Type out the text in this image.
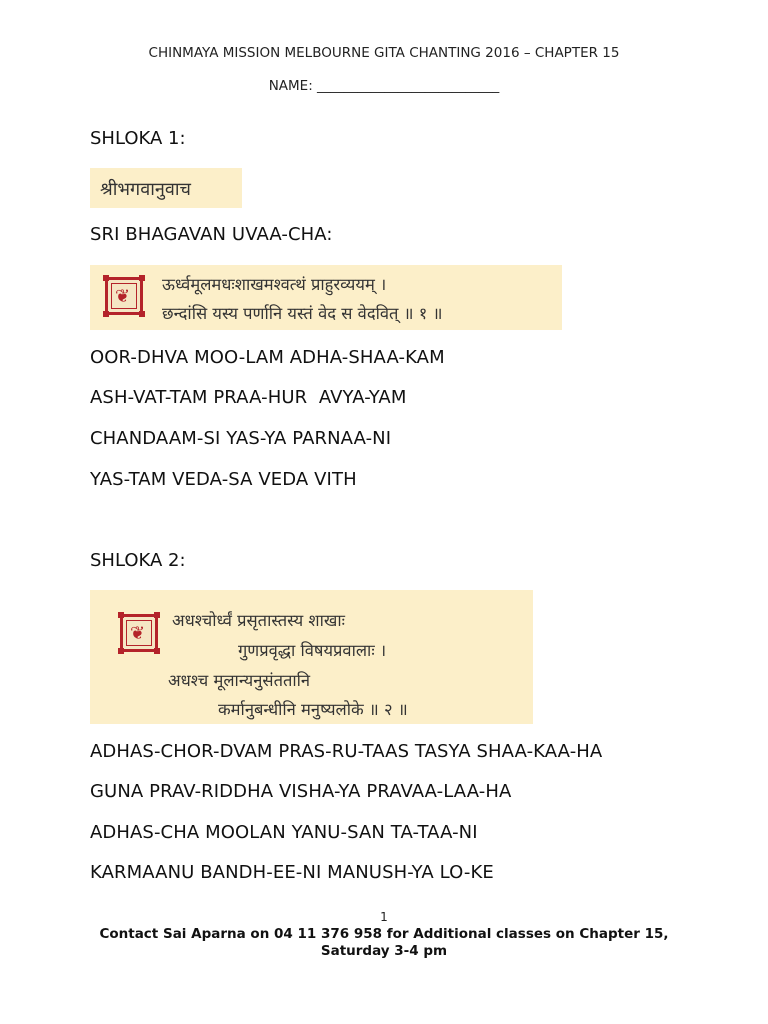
CHINMAYA MISSION MELBOURNE GITA CHANTING 2016 – CHAPTER 15
NAME: ___________________________
SHLOKA 1:
श्रीभगवानुवाच
SRI BHAGAVAN UVAA-CHA:
❦
ऊर्ध्वमूलमधःशाखमश्वत्थं प्राहुरव्ययम् ।
छन्दांसि यस्य पर्णानि यस्तं वेद स वेदवित् ॥ १ ॥
OOR-DHVA MOO-LAM ADHA-SHAA-KAM
ASH-VAT-TAM PRAA-HUR  AVYA-YAM
CHANDAAM-SI YAS-YA PARNAA-NI
YAS-TAM VEDA-SA VEDA VITH
SHLOKA 2:
❦
अधश्चोर्ध्वं प्रसृतास्तस्य शाखाः
गुणप्रवृद्धा विषयप्रवालाः ।
अधश्च मूलान्यनुसंततानि
कर्मानुबन्धीनि मनुष्यलोके ॥ २ ॥
ADHAS-CHOR-DVAM PRAS-RU-TAAS TASYA SHAA-KAA-HA
GUNA PRAV-RIDDHA VISHA-YA PRAVAA-LAA-HA
ADHAS-CHA MOOLAN YANU-SAN TA-TAA-NI
KARMAANU BANDH-EE-NI MANUSH-YA LO-KE
1
Contact Sai Aparna on 04 11 376 958 for Additional classes on Chapter 15,
Saturday 3-4 pm
